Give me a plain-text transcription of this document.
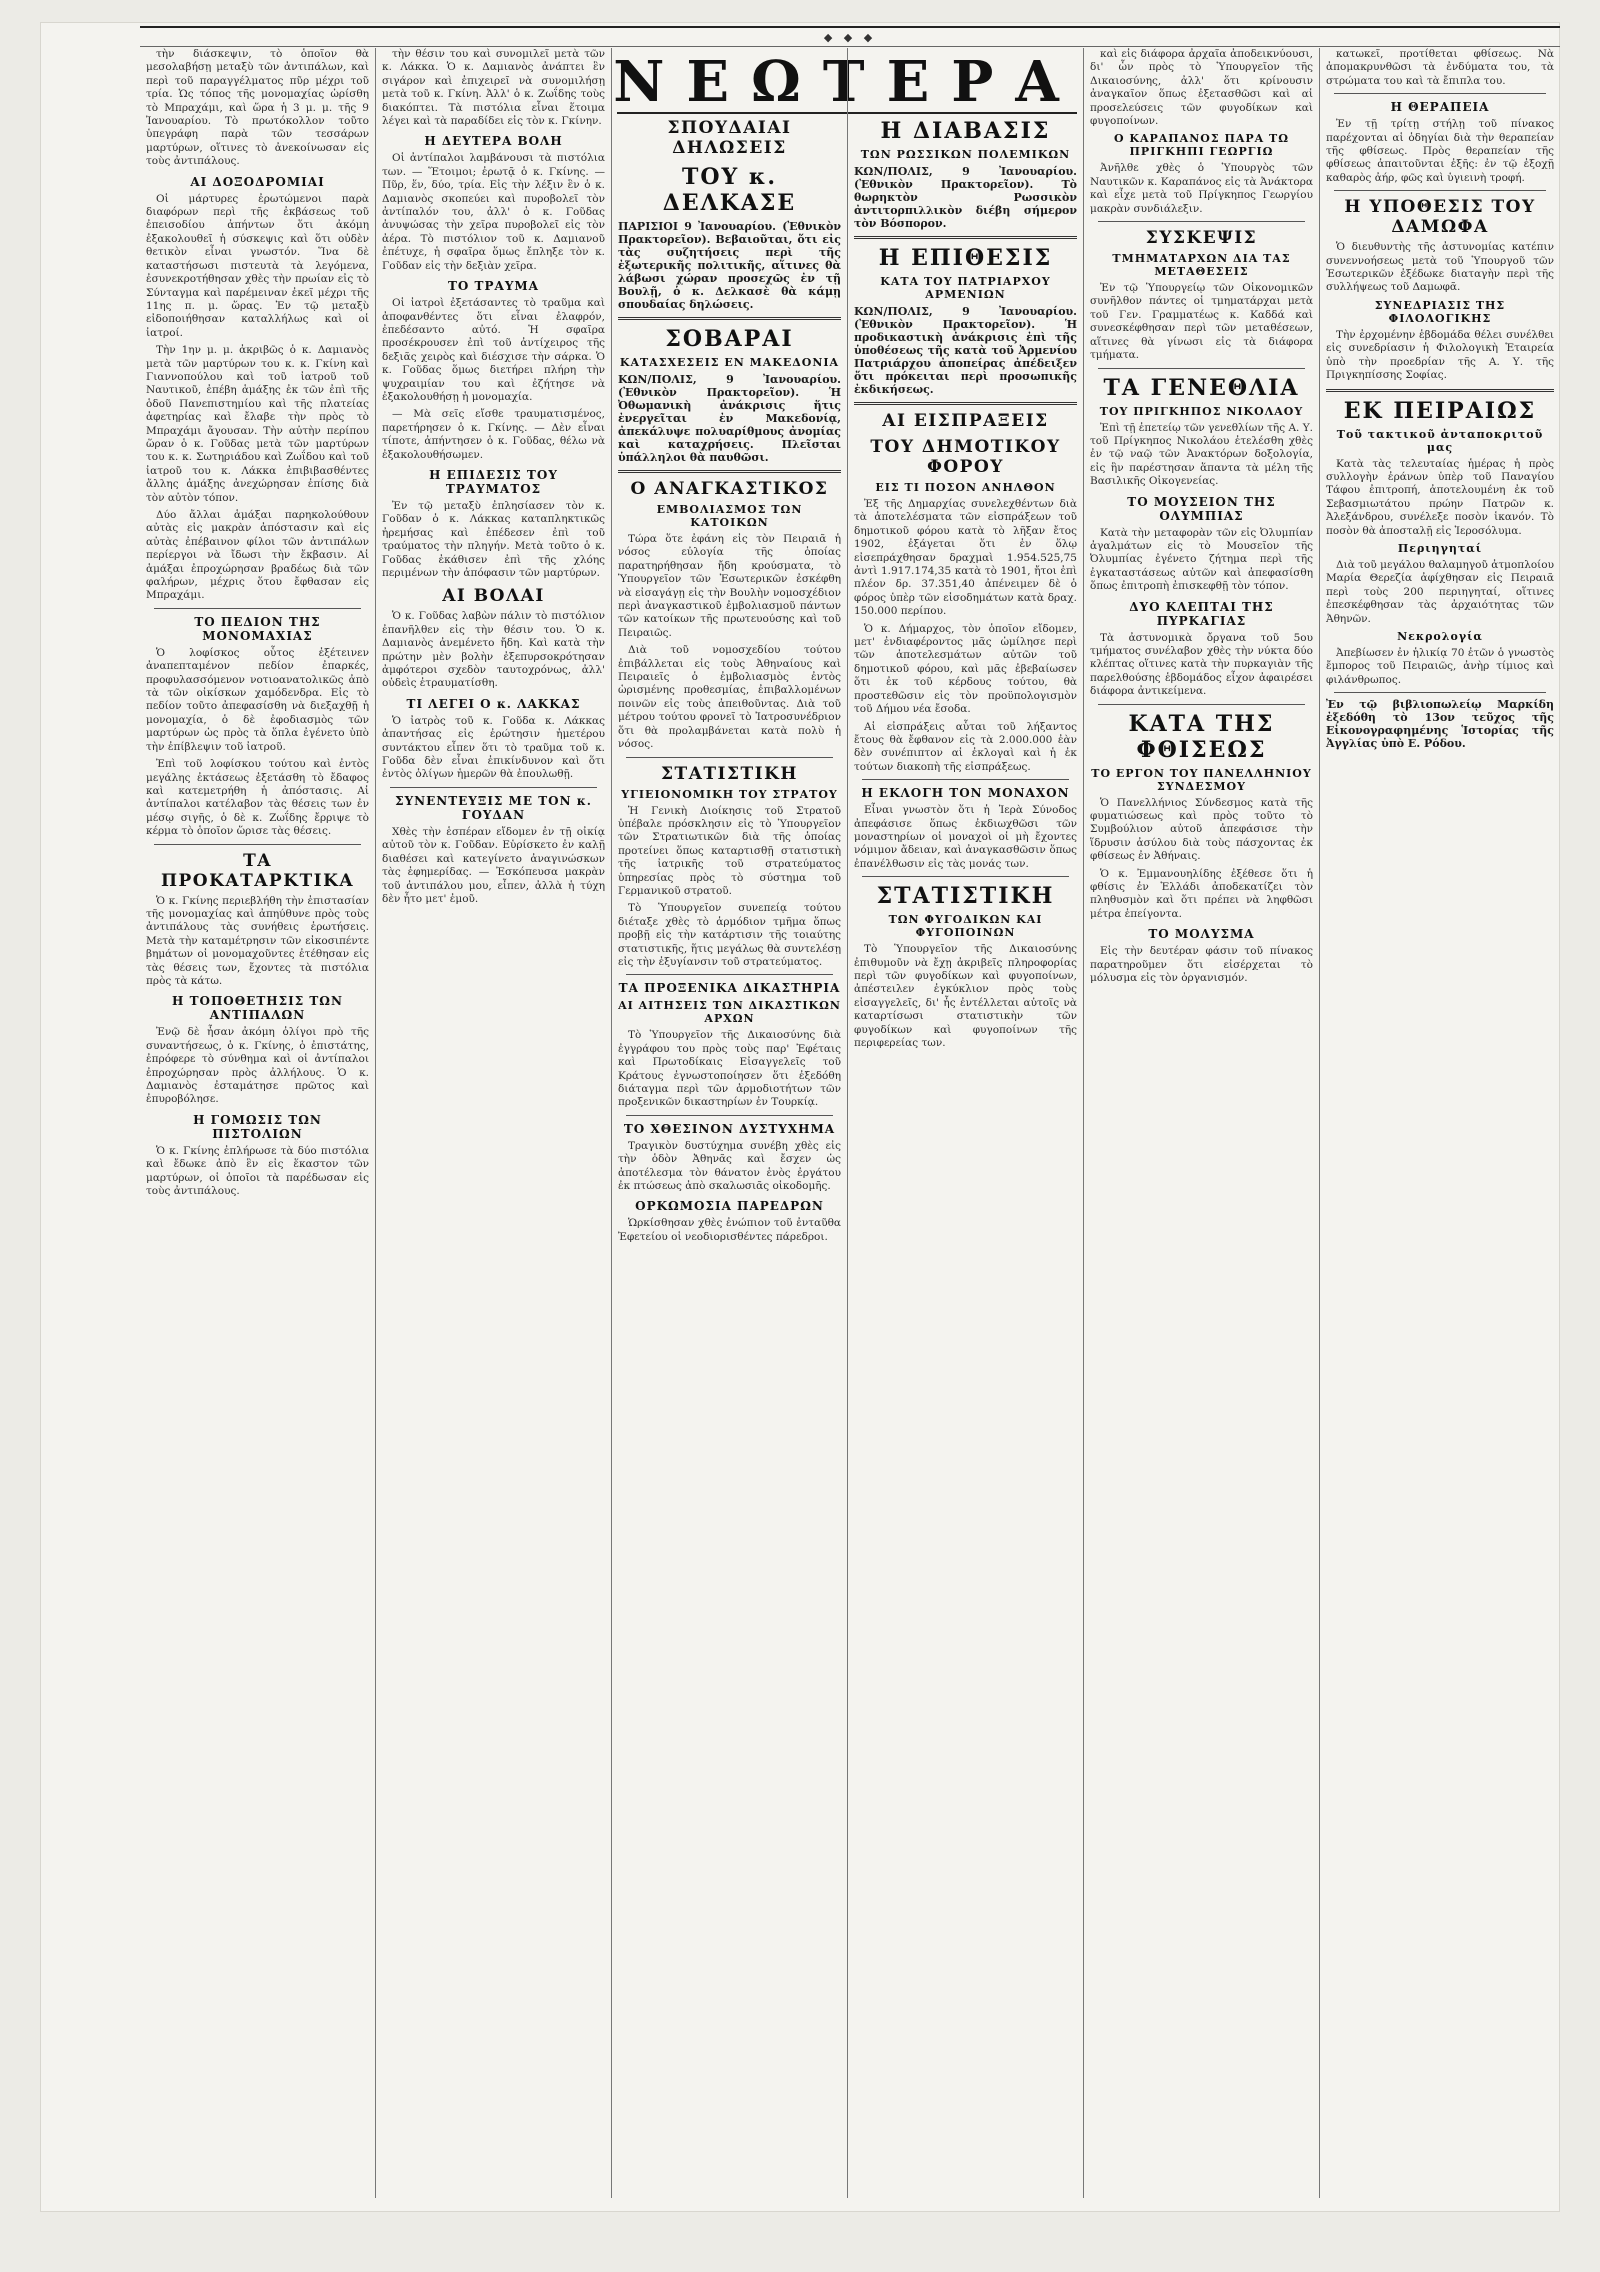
◆ ◆ ◆
ΝΕΩΤΕΡΑ

τὴν διάσκεψιν, τὸ ὁποῖον θὰ μεσολαβήσῃ μεταξὺ τῶν ἀντιπάλων, καὶ περὶ τοῦ παραγγέλματος πῦρ μέχρι τοῦ τρία. Ὡς τόπος τῆς μονομαχίας ὡρίσθη τὸ Μπραχάμι, καὶ ὥρα ἡ 3 μ. μ. τῆς 9 Ἰανουαρίου. Τὸ πρωτόκολλον τοῦτο ὑπεγράφη παρὰ τῶν τεσσάρων μαρτύρων, οἵτινες τὸ ἀνεκοίνωσαν εἰς τοὺς ἀντιπάλους.

ΑΙ ΔΟΞΟΔΡΟΜΙΑΙ

Οἱ μάρτυρες ἐρωτώμενοι παρὰ διαφόρων περὶ τῆς ἐκβάσεως τοῦ ἐπεισοδίου ἀπήντων ὅτι ἀκόμη ἐξακολουθεῖ ἡ σύσκεψις καὶ ὅτι οὐδὲν θετικὸν εἶναι γνωστόν. Ἵνα δὲ καταστήσωσι πιστευτὰ τὰ λεγόμενα, ἐσυνεκροτήθησαν χθὲς τὴν πρωίαν εἰς τὸ Σύνταγμα καὶ παρέμειναν ἐκεῖ μέχρι τῆς 11ης π. μ. ὥρας. Ἐν τῷ μεταξὺ εἰδοποιήθησαν καταλλήλως καὶ οἱ ἰατροί.

Τὴν 1ην μ. μ. ἀκριβῶς ὁ κ. Δαμιανὸς μετὰ τῶν μαρτύρων του κ. κ. Γκίνη καὶ Γιαννοπούλου καὶ τοῦ ἰατροῦ τοῦ Ναυτικοῦ, ἐπέβη ἁμάξης ἐκ τῶν ἐπὶ τῆς ὁδοῦ Πανεπιστημίου καὶ τῆς πλατείας ἀφετηρίας καὶ ἔλαβε τὴν πρὸς τὸ Μπραχάμι ἄγουσαν. Τὴν αὐτὴν περίπου ὥραν ὁ κ. Γοῦδας μετὰ τῶν μαρτύρων του κ. κ. Σωτηριάδου καὶ Ζωΐδου καὶ τοῦ ἰατροῦ του κ. Λάκκα ἐπιβιβασθέντες ἄλλης ἁμάξης ἀνεχώρησαν ἐπίσης διὰ τὸν αὐτὸν τόπον.

Δύο ἄλλαι ἁμάξαι παρηκολούθουν αὐτὰς εἰς μακρὰν ἀπόστασιν καὶ εἰς αὐτὰς ἐπέβαινον φίλοι τῶν ἀντιπάλων περίεργοι νὰ ἴδωσι τὴν ἔκβασιν. Αἱ ἁμάξαι ἐπροχώρησαν βραδέως διὰ τῶν φαλήρων, μέχρις ὅτου ἔφθασαν εἰς Μπραχάμι.

ΤΟ ΠΕΔΙΟΝ ΤΗΣ ΜΟΝΟΜΑΧΙΑΣ

Ὁ λοφίσκος οὗτος ἐξέτεινεν ἀναπεπταμένον πεδίον ἐπαρκές, προφυλασσόμενον νοτιοανατολικῶς ἀπὸ τὰ τῶν οἰκίσκων χαμόδενδρα. Εἰς τὸ πεδίον τοῦτο ἀπεφασίσθη νὰ διεξαχθῇ ἡ μονομαχία, ὁ δὲ ἐφοδιασμὸς τῶν μαρτύρων ὡς πρὸς τὰ ὅπλα ἐγένετο ὑπὸ τὴν ἐπίβλεψιν τοῦ ἰατροῦ.

Ἐπὶ τοῦ λοφίσκου τούτου καὶ ἐντὸς μεγάλης ἐκτάσεως ἐξετάσθη τὸ ἔδαφος καὶ κατεμετρήθη ἡ ἀπόστασις. Αἱ ἀντίπαλοι κατέλαβον τὰς θέσεις των ἐν μέσῳ σιγῆς, ὁ δὲ κ. Ζωΐδης ἔρριψε τὸ κέρμα τὸ ὁποῖον ὥρισε τὰς θέσεις.

ΤΑ ΠΡΟΚΑΤΑΡΚΤΙΚΑ

Ὁ κ. Γκίνης περιεβλήθη τὴν ἐπιστασίαν τῆς μονομαχίας καὶ ἀπηύθυνε πρὸς τοὺς ἀντιπάλους τὰς συνήθεις ἐρωτήσεις. Μετὰ τὴν καταμέτρησιν τῶν εἰκοσιπέντε βημάτων οἱ μονομαχοῦντες ἐτέθησαν εἰς τὰς θέσεις των, ἔχοντες τὰ πιστόλια πρὸς τὰ κάτω.

Η ΤΟΠΟΘΕΤΗΣΙΣ ΤΩΝ ΑΝΤΙΠΑΛΩΝ

Ἐνῷ δὲ ἦσαν ἀκόμη ὀλίγοι πρὸ τῆς συναντήσεως, ὁ κ. Γκίνης, ὁ ἐπιστάτης, ἐπρόφερε τὸ σύνθημα καὶ οἱ ἀντίπαλοι ἐπροχώρησαν πρὸς ἀλλήλους. Ὁ κ. Δαμιανὸς ἐσταμάτησε πρῶτος καὶ ἐπυροβόλησε.

Η ΓΟΜΩΣΙΣ ΤΩΝ ΠΙΣΤΟΛΙΩΝ

Ὁ κ. Γκίνης ἐπλήρωσε τὰ δύο πιστόλια καὶ ἔδωκε ἀπὸ ἓν εἰς ἕκαστον τῶν μαρτύρων, οἱ ὁποῖοι τὰ παρέδωσαν εἰς τοὺς ἀντιπάλους.

τὴν θέσιν του καὶ συνομιλεῖ μετὰ τῶν κ. Λάκκα. Ὁ κ. Δαμιανὸς ἀνάπτει ἓν σιγάρον καὶ ἐπιχειρεῖ νὰ συνομιλήσῃ μετὰ τοῦ κ. Γκίνη. Ἀλλ' ὁ κ. Ζωΐδης τοὺς διακόπτει. Τὰ πιστόλια εἶναι ἕτοιμα λέγει καὶ τὰ παραδίδει εἰς τὸν κ. Γκίνην.

Η ΔΕΥΤΕΡΑ ΒΟΛΗ

Οἱ ἀντίπαλοι λαμβάνουσι τὰ πιστόλια των. — Ἕτοιμοι; ἐρωτᾷ ὁ κ. Γκίνης. — Πῦρ, ἕν, δύο, τρία. Εἰς τὴν λέξιν ἓν ὁ κ. Δαμιανὸς σκοπεύει καὶ πυροβολεῖ τὸν ἀντίπαλόν του, ἀλλ' ὁ κ. Γοῦδας ἀνυψώσας τὴν χεῖρα πυροβολεῖ εἰς τὸν ἀέρα. Τὸ πιστόλιον τοῦ κ. Δαμιανοῦ ἐπέτυχε, ἡ σφαῖρα ὅμως ἔπληξε τὸν κ. Γοῦδαν εἰς τὴν δεξιὰν χεῖρα.

ΤΟ ΤΡΑΥΜΑ

Οἱ ἰατροὶ ἐξετάσαντες τὸ τραῦμα καὶ ἀποφανθέντες ὅτι εἶναι ἐλαφρόν, ἐπεδέσαντο αὐτό. Ἡ σφαῖρα προσέκρουσεν ἐπὶ τοῦ ἀντίχειρος τῆς δεξιᾶς χειρὸς καὶ διέσχισε τὴν σάρκα. Ὁ κ. Γοῦδας ὅμως διετήρει πλήρη τὴν ψυχραιμίαν του καὶ ἐζήτησε νὰ ἐξακολουθήσῃ ἡ μονομαχία.

— Μὰ σεῖς εἴσθε τραυματισμένος, παρετήρησεν ὁ κ. Γκίνης. — Δὲν εἶναι τίποτε, ἀπήντησεν ὁ κ. Γοῦδας, θέλω νὰ ἐξακολουθήσωμεν.

Η ΕΠΙΔΕΣΙΣ ΤΟΥ ΤΡΑΥΜΑΤΟΣ

Ἐν τῷ μεταξὺ ἐπλησίασεν τὸν κ. Γοῦδαν ὁ κ. Λάκκας καταπληκτικῶς ἠρεμήσας καὶ ἐπέδεσεν ἐπὶ τοῦ τραύματος τὴν πληγήν. Μετὰ τοῦτο ὁ κ. Γοῦδας ἐκάθισεν ἐπὶ τῆς χλόης περιμένων τὴν ἀπόφασιν τῶν μαρτύρων.

ΑΙ ΒΟΛΑΙ

Ὁ κ. Γοῦδας λαβὼν πάλιν τὸ πιστόλιον ἐπανῆλθεν εἰς τὴν θέσιν του. Ὁ κ. Δαμιανὸς ἀνεμένετο ἤδη. Καὶ κατὰ τὴν πρώτην μὲν βολὴν ἐξεπυρσοκρότησαν ἀμφότεροι σχεδὸν ταυτοχρόνως, ἀλλ' οὐδεὶς ἐτραυματίσθη.

ΤΙ ΛΕΓΕΙ Ο κ. ΛΑΚΚΑΣ

Ὁ ἰατρὸς τοῦ κ. Γοῦδα κ. Λάκκας ἀπαντήσας εἰς ἐρώτησιν ἡμετέρου συντάκτου εἶπεν ὅτι τὸ τραῦμα τοῦ κ. Γοῦδα δὲν εἶναι ἐπικίνδυνον καὶ ὅτι ἐντὸς ὀλίγων ἡμερῶν θὰ ἐπουλωθῇ.

ΣΥΝΕΝΤΕΥΞΙΣ ΜΕ ΤΟΝ κ. ΓΟΥΔΑΝ

Χθὲς τὴν ἑσπέραν εἴδομεν ἐν τῇ οἰκίᾳ αὐτοῦ τὸν κ. Γοῦδαν. Εὑρίσκετο ἐν καλῇ διαθέσει καὶ κατεγίνετο ἀναγινώσκων τὰς ἐφημερίδας. — Ἐσκόπευσα μακρὰν τοῦ ἀντιπάλου μου, εἶπεν, ἀλλὰ ἡ τύχη δὲν ἦτο μετ' ἐμοῦ.

ΣΠΟΥΔΑΙΑΙ ΔΗΛΩΣΕΙΣ
ΤΟΥ κ. ΔΕΛΚΑΣΕ

ΠΑΡΙΣΙΟΙ 9 Ἰανουαρίου. (Ἐθνικὸν Πρακτορεῖον). Βεβαιοῦται, ὅτι εἰς τὰς συζητήσεις περὶ τῆς ἐξωτερικῆς πολιτικῆς, αἵτινες θὰ λάβωσι χώραν προσεχῶς ἐν τῇ Βουλῇ, ὁ κ. Δελκασὲ θὰ κάμῃ σπουδαίας δηλώσεις.

ΣΟΒΑΡΑΙ
ΚΑΤΑΣΧΕΣΕΙΣ ΕΝ ΜΑΚΕΔΟΝΙΑ

ΚΩΝ/ΠΟΛΙΣ, 9 Ἰανουαρίου. (Ἐθνικὸν Πρακτορεῖον). Ἡ Ὀθωμανικὴ ἀνάκρισις ἥτις ἐνεργεῖται ἐν Μακεδονίᾳ, ἀπεκάλυψε πολυαρίθμους ἀνομίας καὶ καταχρήσεις. Πλεῖσται ὑπάλληλοι θὰ παυθῶσι.

Ο ΑΝΑΓΚΑΣΤΙΚΟΣ
ΕΜΒΟΛΙΑΣΜΟΣ ΤΩΝ ΚΑΤΟΙΚΩΝ

Τώρα ὅτε ἐφάνη εἰς τὸν Πειραιᾶ ἡ νόσος εὐλογία τῆς ὁποίας παρατηρήθησαν ἤδη κρούσματα, τὸ Ὑπουργεῖον τῶν Ἐσωτερικῶν ἐσκέφθη νὰ εἰσαγάγῃ εἰς τὴν Βουλὴν νομοσχέδιον περὶ ἀναγκαστικοῦ ἐμβολιασμοῦ πάντων τῶν κατοίκων τῆς πρωτευούσης καὶ τοῦ Πειραιῶς.

Διὰ τοῦ νομοσχεδίου τούτου ἐπιβάλλεται εἰς τοὺς Ἀθηναίους καὶ Πειραιεῖς ὁ ἐμβολιασμὸς ἐντὸς ὡρισμένης προθεσμίας, ἐπιβαλλομένων ποινῶν εἰς τοὺς ἀπειθοῦντας. Διὰ τοῦ μέτρου τούτου φρονεῖ τὸ Ἰατροσυνέδριον ὅτι θὰ προλαμβάνεται κατὰ πολὺ ἡ νόσος.

ΣΤΑΤΙΣΤΙΚΗ
ΥΓΙΕΙΟΝΟΜΙΚΗ ΤΟΥ ΣΤΡΑΤΟΥ

Ἡ Γενικὴ Διοίκησις τοῦ Στρατοῦ ὑπέβαλε πρόσκλησιν εἰς τὸ Ὑπουργεῖον τῶν Στρατιωτικῶν διὰ τῆς ὁποίας προτείνει ὅπως καταρτισθῇ στατιστικὴ τῆς ἰατρικῆς τοῦ στρατεύματος ὑπηρεσίας πρὸς τὸ σύστημα τοῦ Γερμανικοῦ στρατοῦ.

Τὸ Ὑπουργεῖον συνεπείᾳ τούτου διέταξε χθὲς τὸ ἁρμόδιον τμῆμα ὅπως προβῇ εἰς τὴν κατάρτισιν τῆς τοιαύτης στατιστικῆς, ἥτις μεγάλως θὰ συντελέσῃ εἰς τὴν ἐξυγίανσιν τοῦ στρατεύματος.

ΤΑ ΠΡΟΞΕΝΙΚΑ ΔΙΚΑΣΤΗΡΙΑ
ΑΙ ΑΙΤΗΣΕΙΣ ΤΩΝ ΔΙΚΑΣΤΙΚΩΝ ΑΡΧΩΝ

Τὸ Ὑπουργεῖον τῆς Δικαιοσύνης διὰ ἐγγράφου του πρὸς τοὺς παρ' Ἐφέταις καὶ Πρωτοδίκαις Εἰσαγγελεῖς τοῦ Κράτους ἐγνωστοποίησεν ὅτι ἐξεδόθη διάταγμα περὶ τῶν ἁρμοδιοτήτων τῶν προξενικῶν δικαστηρίων ἐν Τουρκίᾳ.

ΤΟ ΧΘΕΣΙΝΟΝ ΔΥΣΤΥΧΗΜΑ

Τραγικὸν δυστύχημα συνέβη χθὲς εἰς τὴν ὁδὸν Ἀθηνᾶς καὶ ἔσχεν ὡς ἀποτέλεσμα τὸν θάνατον ἑνὸς ἐργάτου ἐκ πτώσεως ἀπὸ σκαλωσιᾶς οἰκοδομῆς.

ΟΡΚΩΜΟΣΙΑ ΠΑΡΕΔΡΩΝ

Ὡρκίσθησαν χθὲς ἐνώπιον τοῦ ἐνταῦθα Ἐφετείου οἱ νεοδιορισθέντες πάρεδροι.

Η ΔΙΑΒΑΣΙΣ
ΤΩΝ ΡΩΣΣΙΚΩΝ ΠΟΛΕΜΙΚΩΝ

ΚΩΝ/ΠΟΛΙΣ, 9 Ἰανουαρίου. (Ἐθνικὸν Πρακτορεῖον). Τὸ θωρηκτὸν Ρωσσικὸν ἀντιτορπιλλικὸν διέβη σήμερον τὸν Βόσπορον.

Η ΕΠΙΘΕΣΙΣ
ΚΑΤΑ ΤΟΥ ΠΑΤΡΙΑΡΧΟΥ ΑΡΜΕΝΙΩΝ

ΚΩΝ/ΠΟΛΙΣ, 9 Ἰανουαρίου. (Ἐθνικὸν Πρακτορεῖον). Ἡ προδικαστικὴ ἀνάκρισις ἐπὶ τῆς ὑποθέσεως τῆς κατὰ τοῦ Ἀρμενίου Πατριάρχου ἀποπείρας ἀπέδειξεν ὅτι πρόκειται περὶ προσωπικῆς ἐκδικήσεως.

ΑΙ ΕΙΣΠΡΑΞΕΙΣ
ΤΟΥ ΔΗΜΟΤΙΚΟΥ ΦΟΡΟΥ
ΕΙΣ ΤΙ ΠΟΣΟΝ ΑΝΗΛΘΟΝ

Ἐξ τῆς Δημαρχίας συνελεχθέντων διὰ τὰ ἀποτελέσματα τῶν εἰσπράξεων τοῦ δημοτικοῦ φόρου κατὰ τὸ λῆξαν ἔτος 1902, ἐξάγεται ὅτι ἐν ὅλῳ εἰσεπράχθησαν δραχμαὶ 1.954.525,75 ἀντὶ 1.917.174,35 κατὰ τὸ 1901, ἤτοι ἐπὶ πλέον δρ. 37.351,40 ἀπένειμεν δὲ ὁ φόρος ὑπὲρ τῶν εἰσοδημάτων κατὰ δραχ. 150.000 περίπου.

Ὁ κ. Δήμαρχος, τὸν ὁποῖον εἴδομεν, μετ' ἐνδιαφέροντος μᾶς ὡμίλησε περὶ τῶν ἀποτελεσμάτων αὐτῶν τοῦ δημοτικοῦ φόρου, καὶ μᾶς ἐβεβαίωσεν ὅτι ἐκ τοῦ κέρδους τούτου, θὰ προστεθῶσιν εἰς τὸν προϋπολογισμὸν τοῦ Δήμου νέα ἔσοδα.

Αἱ εἰσπράξεις αὗται τοῦ λήξαντος ἔτους θὰ ἔφθανον εἰς τὰ 2.000.000 ἐὰν δὲν συνέπιπτον αἱ ἐκλογαὶ καὶ ἡ ἐκ τούτων διακοπὴ τῆς εἰσπράξεως.

Η ΕΚΛΟΓΗ ΤΟΝ ΜΟΝΑΧΟΝ

Εἶναι γνωστὸν ὅτι ἡ Ἱερὰ Σύνοδος ἀπεφάσισε ὅπως ἐκδιωχθῶσι τῶν μοναστηρίων οἱ μοναχοὶ οἱ μὴ ἔχοντες νόμιμον ἄδειαν, καὶ ἀναγκασθῶσιν ὅπως ἐπανέλθωσιν εἰς τὰς μονάς των.

ΣΤΑΤΙΣΤΙΚΗ
ΤΩΝ ΦΥΓΟΔΙΚΩΝ ΚΑΙ ΦΥΓΟΠΟΙΝΩΝ

Τὸ Ὑπουργεῖον τῆς Δικαιοσύνης ἐπιθυμοῦν νὰ ἔχῃ ἀκριβεῖς πληροφορίας περὶ τῶν φυγοδίκων καὶ φυγοποίνων, ἀπέστειλεν ἐγκύκλιον πρὸς τοὺς εἰσαγγελεῖς, δι' ἧς ἐντέλλεται αὐτοῖς νὰ καταρτίσωσι στατιστικὴν τῶν φυγοδίκων καὶ φυγοποίνων τῆς περιφερείας των.

καὶ εἰς διάφορα ἀρχαῖα ἀποδεικνύουσι, δι' ὧν πρὸς τὸ Ὑπουργεῖον τῆς Δικαιοσύνης, ἀλλ' ὅτι κρίνουσιν ἀναγκαῖον ὅπως ἐξετασθῶσι καὶ αἱ προσελεύσεις τῶν φυγοδίκων καὶ φυγοποίνων.

Ο ΚΑΡΑΠΑΝΟΣ ΠΑΡΑ ΤΩ ΠΡΙΓΚΗΠΙ ΓΕΩΡΓΙΩ

Ἀνῆλθε χθὲς ὁ Ὑπουργὸς τῶν Ναυτικῶν κ. Καραπάνος εἰς τὰ Ἀνάκτορα καὶ εἶχε μετὰ τοῦ Πρίγκηπος Γεωργίου μακρὰν συνδιάλεξιν.

ΣΥΣΚΕΨΙΣ
ΤΜΗΜΑΤΑΡΧΩΝ ΔΙΑ ΤΑΣ ΜΕΤΑΘΕΣΕΙΣ

Ἐν τῷ Ὑπουργείῳ τῶν Οἰκονομικῶν συνῆλθον πάντες οἱ τμηματάρχαι μετὰ τοῦ Γεν. Γραμματέως κ. Καδδά καὶ συνεσκέφθησαν περὶ τῶν μεταθέσεων, αἵτινες θὰ γίνωσι εἰς τὰ διάφορα τμήματα.

ΤΑ ΓΕΝΕΘΛΙΑ
ΤΟΥ ΠΡΙΓΚΗΠΟΣ ΝΙΚΟΛΑΟΥ

Ἐπὶ τῇ ἐπετείῳ τῶν γενεθλίων τῆς Α. Υ. τοῦ Πρίγκηπος Νικολάου ἐτελέσθη χθὲς ἐν τῷ ναῷ τῶν Ἀνακτόρων δοξολογία, εἰς ἣν παρέστησαν ἅπαντα τὰ μέλη τῆς Βασιλικῆς Οἰκογενείας.

ΤΟ ΜΟΥΣΕΙΟΝ ΤΗΣ ΟΛΥΜΠΙΑΣ

Κατὰ τὴν μεταφορὰν τῶν εἰς Ὀλυμπίαν ἀγαλμάτων εἰς τὸ Μουσεῖον τῆς Ὀλυμπίας ἐγένετο ζήτημα περὶ τῆς ἐγκαταστάσεως αὐτῶν καὶ ἀπεφασίσθη ὅπως ἐπιτροπὴ ἐπισκεφθῇ τὸν τόπον.

ΔΥΟ ΚΛΕΠΤΑΙ ΤΗΣ ΠΥΡΚΑΓΙΑΣ

Τὰ ἀστυνομικὰ ὄργανα τοῦ 5ου τμήματος συνέλαβον χθὲς τὴν νύκτα δύο κλέπτας οἵτινες κατὰ τὴν πυρκαγιὰν τῆς παρελθούσης ἑβδομάδος εἶχον ἀφαιρέσει διάφορα ἀντικείμενα.

ΚΑΤΑ ΤΗΣ ΦΘΙΣΕΩΣ
ΤΟ ΕΡΓΟΝ ΤΟΥ ΠΑΝΕΛΛΗΝΙΟΥ ΣΥΝΔΕΣΜΟΥ

Ὁ Πανελλήνιος Σύνδεσμος κατὰ τῆς φυματιώσεως καὶ πρὸς τοῦτο τὸ Συμβούλιον αὐτοῦ ἀπεφάσισε τὴν ἵδρυσιν ἀσύλου διὰ τοὺς πάσχοντας ἐκ φθίσεως ἐν Ἀθήναις.

Ὁ κ. Ἐμμανουηλίδης ἐξέθεσε ὅτι ἡ φθίσις ἐν Ἑλλάδι ἀποδεκατίζει τὸν πληθυσμὸν καὶ ὅτι πρέπει νὰ ληφθῶσι μέτρα ἐπείγοντα.

ΤΟ ΜΟΛΥΣΜΑ

Εἰς τὴν δευτέραν φάσιν τοῦ πίνακος παρατηροῦμεν ὅτι εἰσέρχεται τὸ μόλυσμα εἰς τὸν ὀργανισμόν.

κατωκεῖ, προτίθεται φθίσεως. Νὰ ἀπομακρυνθῶσι τὰ ἐνδύματα του, τὰ στρώματα του καὶ τὰ ἔπιπλα του.

Η ΘΕΡΑΠΕΙΑ

Ἐν τῇ τρίτῃ στήλῃ τοῦ πίνακος παρέχονται αἱ ὁδηγίαι διὰ τὴν θεραπείαν τῆς φθίσεως. Πρὸς θεραπείαν τῆς φθίσεως ἀπαιτοῦνται ἐξῆς: ἐν τῷ ἐξοχῇ καθαρὸς ἀήρ, φῶς καὶ ὑγιεινὴ τροφή.

Η ΥΠΟΘΕΣΙΣ ΤΟΥ ΔΑΜΩΦΑ

Ὁ διευθυντὴς τῆς ἀστυνομίας κατέπιν συνεννοήσεως μετὰ τοῦ Ὑπουργοῦ τῶν Ἐσωτερικῶν ἐξέδωκε διαταγὴν περὶ τῆς συλλήψεως τοῦ Δαμωφᾶ.

ΣΥΝΕΔΡΙΑΣΙΣ ΤΗΣ ΦΙΛΟΛΟΓΙΚΗΣ

Τὴν ἐρχομένην ἑβδομάδα θέλει συνέλθει εἰς συνεδρίασιν ἡ Φιλολογικὴ Ἑταιρεία ὑπὸ τὴν προεδρίαν τῆς Α. Υ. τῆς Πριγκηπίσσης Σοφίας.

ΕΚ ΠΕΙΡΑΙΩΣ
Τοῦ τακτικοῦ ἀνταποκριτοῦ μας

Κατὰ τὰς τελευταίας ἡμέρας ἡ πρὸς συλλογὴν ἐράνων ὑπὲρ τοῦ Παναγίου Τάφου ἐπιτροπή, ἀποτελουμένη ἐκ τοῦ Σεβασμιωτάτου πρώην Πατρῶν κ. Ἀλεξάνδρου, συνέλεξε ποσὸν ἱκανόν. Τὸ ποσὸν θὰ ἀποσταλῇ εἰς Ἱεροσόλυμα.

Περιηγηταί

Διὰ τοῦ μεγάλου θαλαμηγοῦ ἀτμοπλοίου Μαρία Θερεζία ἀφίχθησαν εἰς Πειραιᾶ περὶ τοὺς 200 περιηγηταί, οἵτινες ἐπεσκέφθησαν τὰς ἀρχαιότητας τῶν Ἀθηνῶν.

Νεκρολογία

Ἀπεβίωσεν ἐν ἡλικίᾳ 70 ἐτῶν ὁ γνωστὸς ἔμπορος τοῦ Πειραιῶς, ἀνὴρ τίμιος καὶ φιλάνθρωπος.

Ἐν τῷ βιβλιοπωλείῳ Μαρκίδη ἐξεδόθη τὸ 13ον τεῦχος τῆς Εἰκονογραφημένης Ἱστορίας τῆς Ἀγγλίας ὑπὸ Ε. Ρόδου.
